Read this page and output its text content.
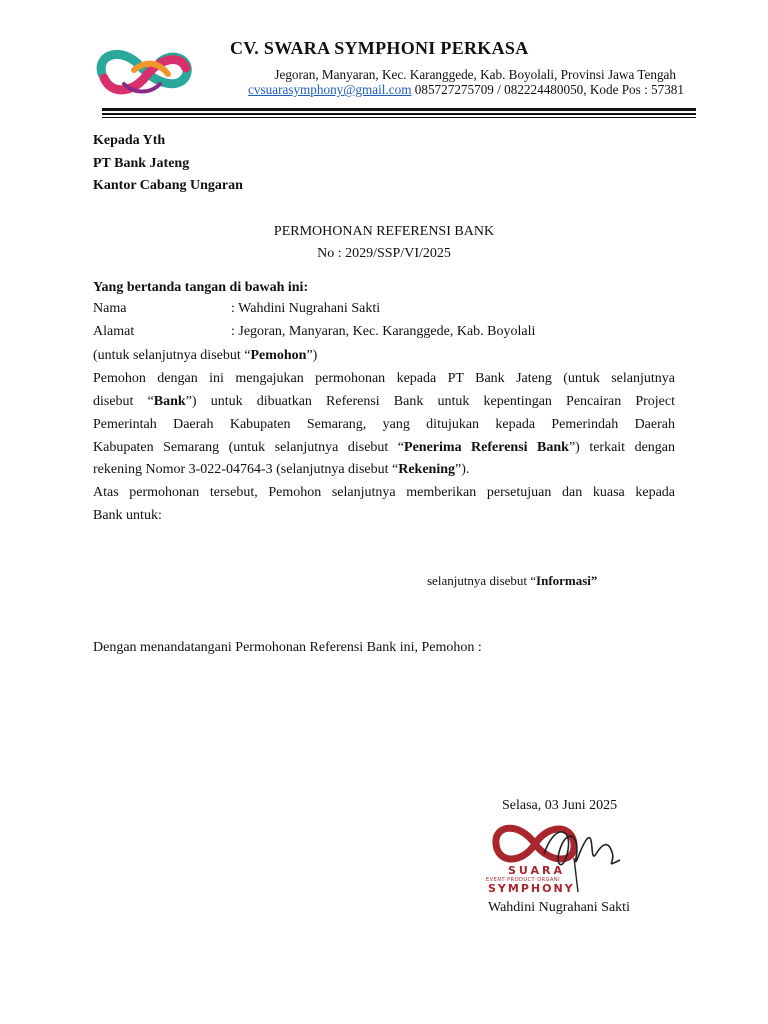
CV. SWARA SYMPHONI PERKASA
Jegoran, Manyaran, Kec. Karanggede, Kab. Boyolali, Provinsi Jawa Tengah
cvsuarasymphony@gmail.com 085727275709 / 082224480050, Kode Pos : 57381
Kepada Yth
PT Bank Jateng
Kantor Cabang Ungaran
PERMOHONAN REFERENSI BANK
No : 2029/SSP/VI/2025
Yang bertanda tangan di bawah ini:
Nama	: Wahdini Nugrahani Sakti
Alamat	: Jegoran, Manyaran, Kec. Karanggede, Kab. Boyolali
(untuk selanjutnya disebut “Pemohon”)
Pemohon dengan ini mengajukan permohonan kepada PT Bank Jateng (untuk selanjutnya
disebut “Bank”) untuk dibuatkan Referensi Bank untuk kepentingan Pencairan Project
Pemerintah Daerah Kabupaten Semarang, yang ditujukan kepada Pemerindah Daerah
Kabupaten Semarang (untuk selanjutnya disebut “Penerima Referensi Bank”) terkait dengan
rekening Nomor 3-022-04764-3 (selanjutnya disebut “Rekening”).
Atas permohonan tersebut, Pemohon selanjutnya memberikan persetujuan dan kuasa kepada
Bank untuk:
selanjutnya disebut “Informasi”
Dengan menandatangani Permohonan Referensi Bank ini, Pemohon :
Selasa, 03 Juni 2025
SUARA
EVENT·PRODUCT·ORGANI
SYMPHONY
Wahdini Nugrahani Sakti
